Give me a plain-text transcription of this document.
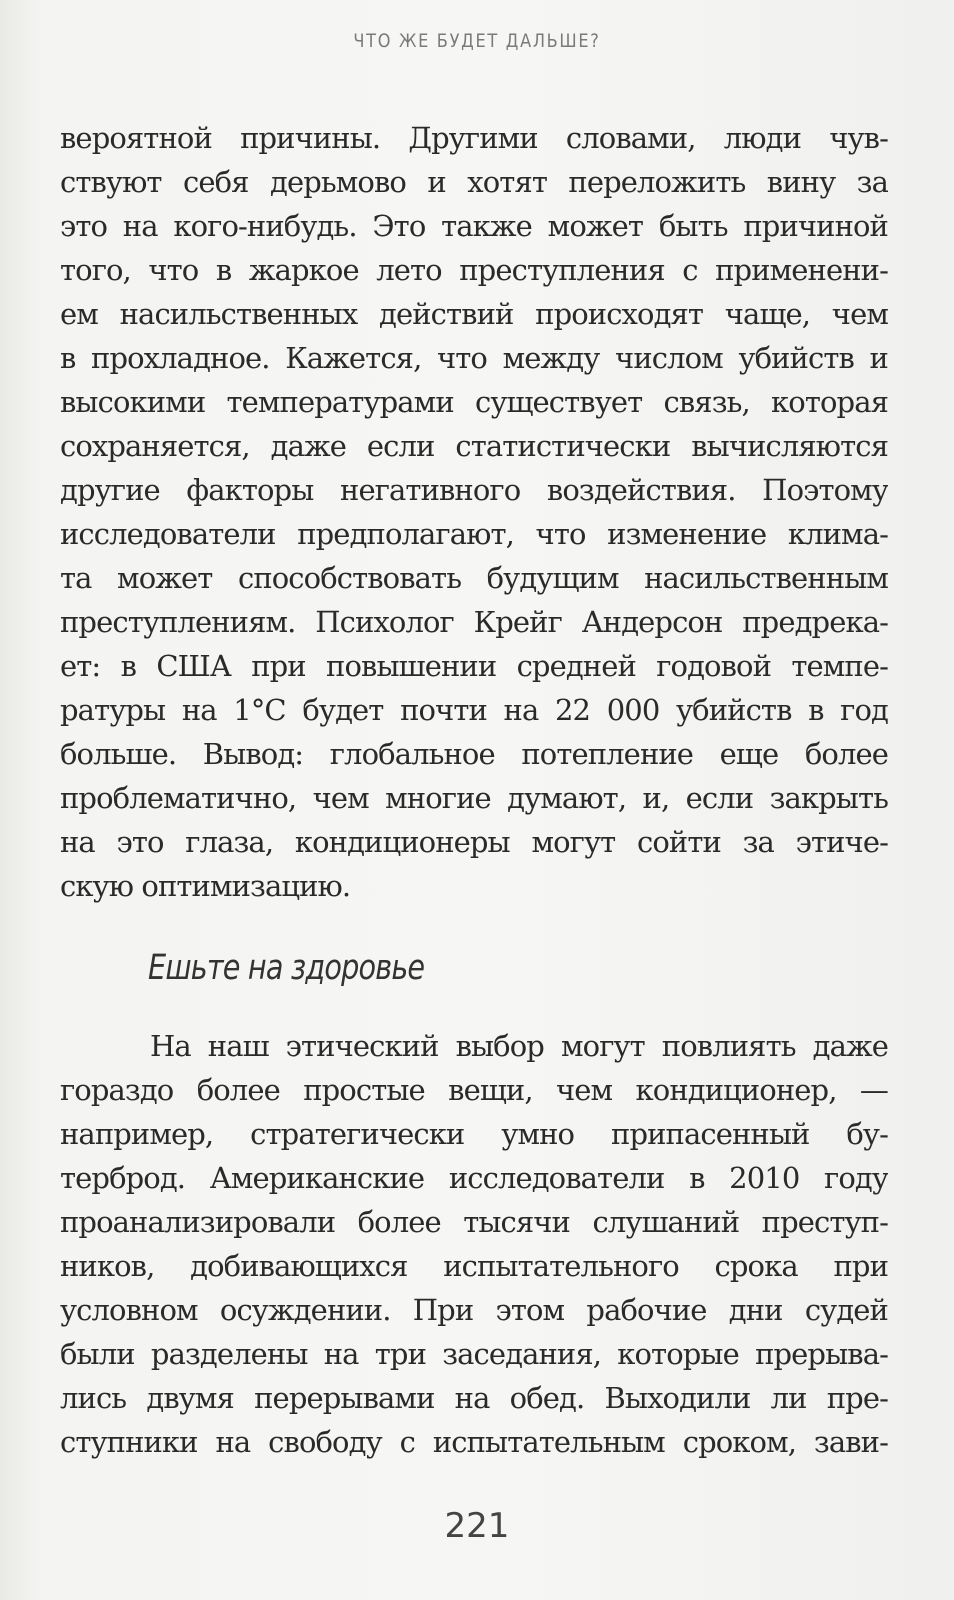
ЧТО ЖЕ БУДЕТ ДАЛЬШЕ?
вероятной причины. Другими словами, люди чув-
ствуют себя дерьмово и хотят переложить вину за
это на кого-нибудь. Это также может быть причиной
того, что в жаркое лето преступления с применени-
ем насильственных действий происходят чаще, чем
в прохладное. Кажется, что между числом убийств и
высокими температурами существует связь, которая
сохраняется, даже если статистически вычисляются
другие факторы негативного воздействия. Поэтому
исследователи предполагают, что изменение клима-
та может способствовать будущим насильственным
преступлениям. Психолог Крейг Андерсон предрека-
ет: в США при повышении средней годовой темпе-
ратуры на 1°С будет почти на 22 000 убийств в год
больше. Вывод: глобальное потепление еще более
проблематично, чем многие думают, и, если закрыть
на это глаза, кондиционеры могут сойти за этиче-
скую оптимизацию.
Ешьте на здоровье
На наш этический выбор могут повлиять даже
гораздо более простые вещи, чем кондиционер, —
например, стратегически умно припасенный бу-
терброд. Американские исследователи в 2010 году
проанализировали более тысячи слушаний преступ-
ников, добивающихся испытательного срока при
условном осуждении. При этом рабочие дни судей
были разделены на три заседания, которые прерыва-
лись двумя перерывами на обед. Выходили ли пре-
ступники на свободу с испытательным сроком, зави-
221
